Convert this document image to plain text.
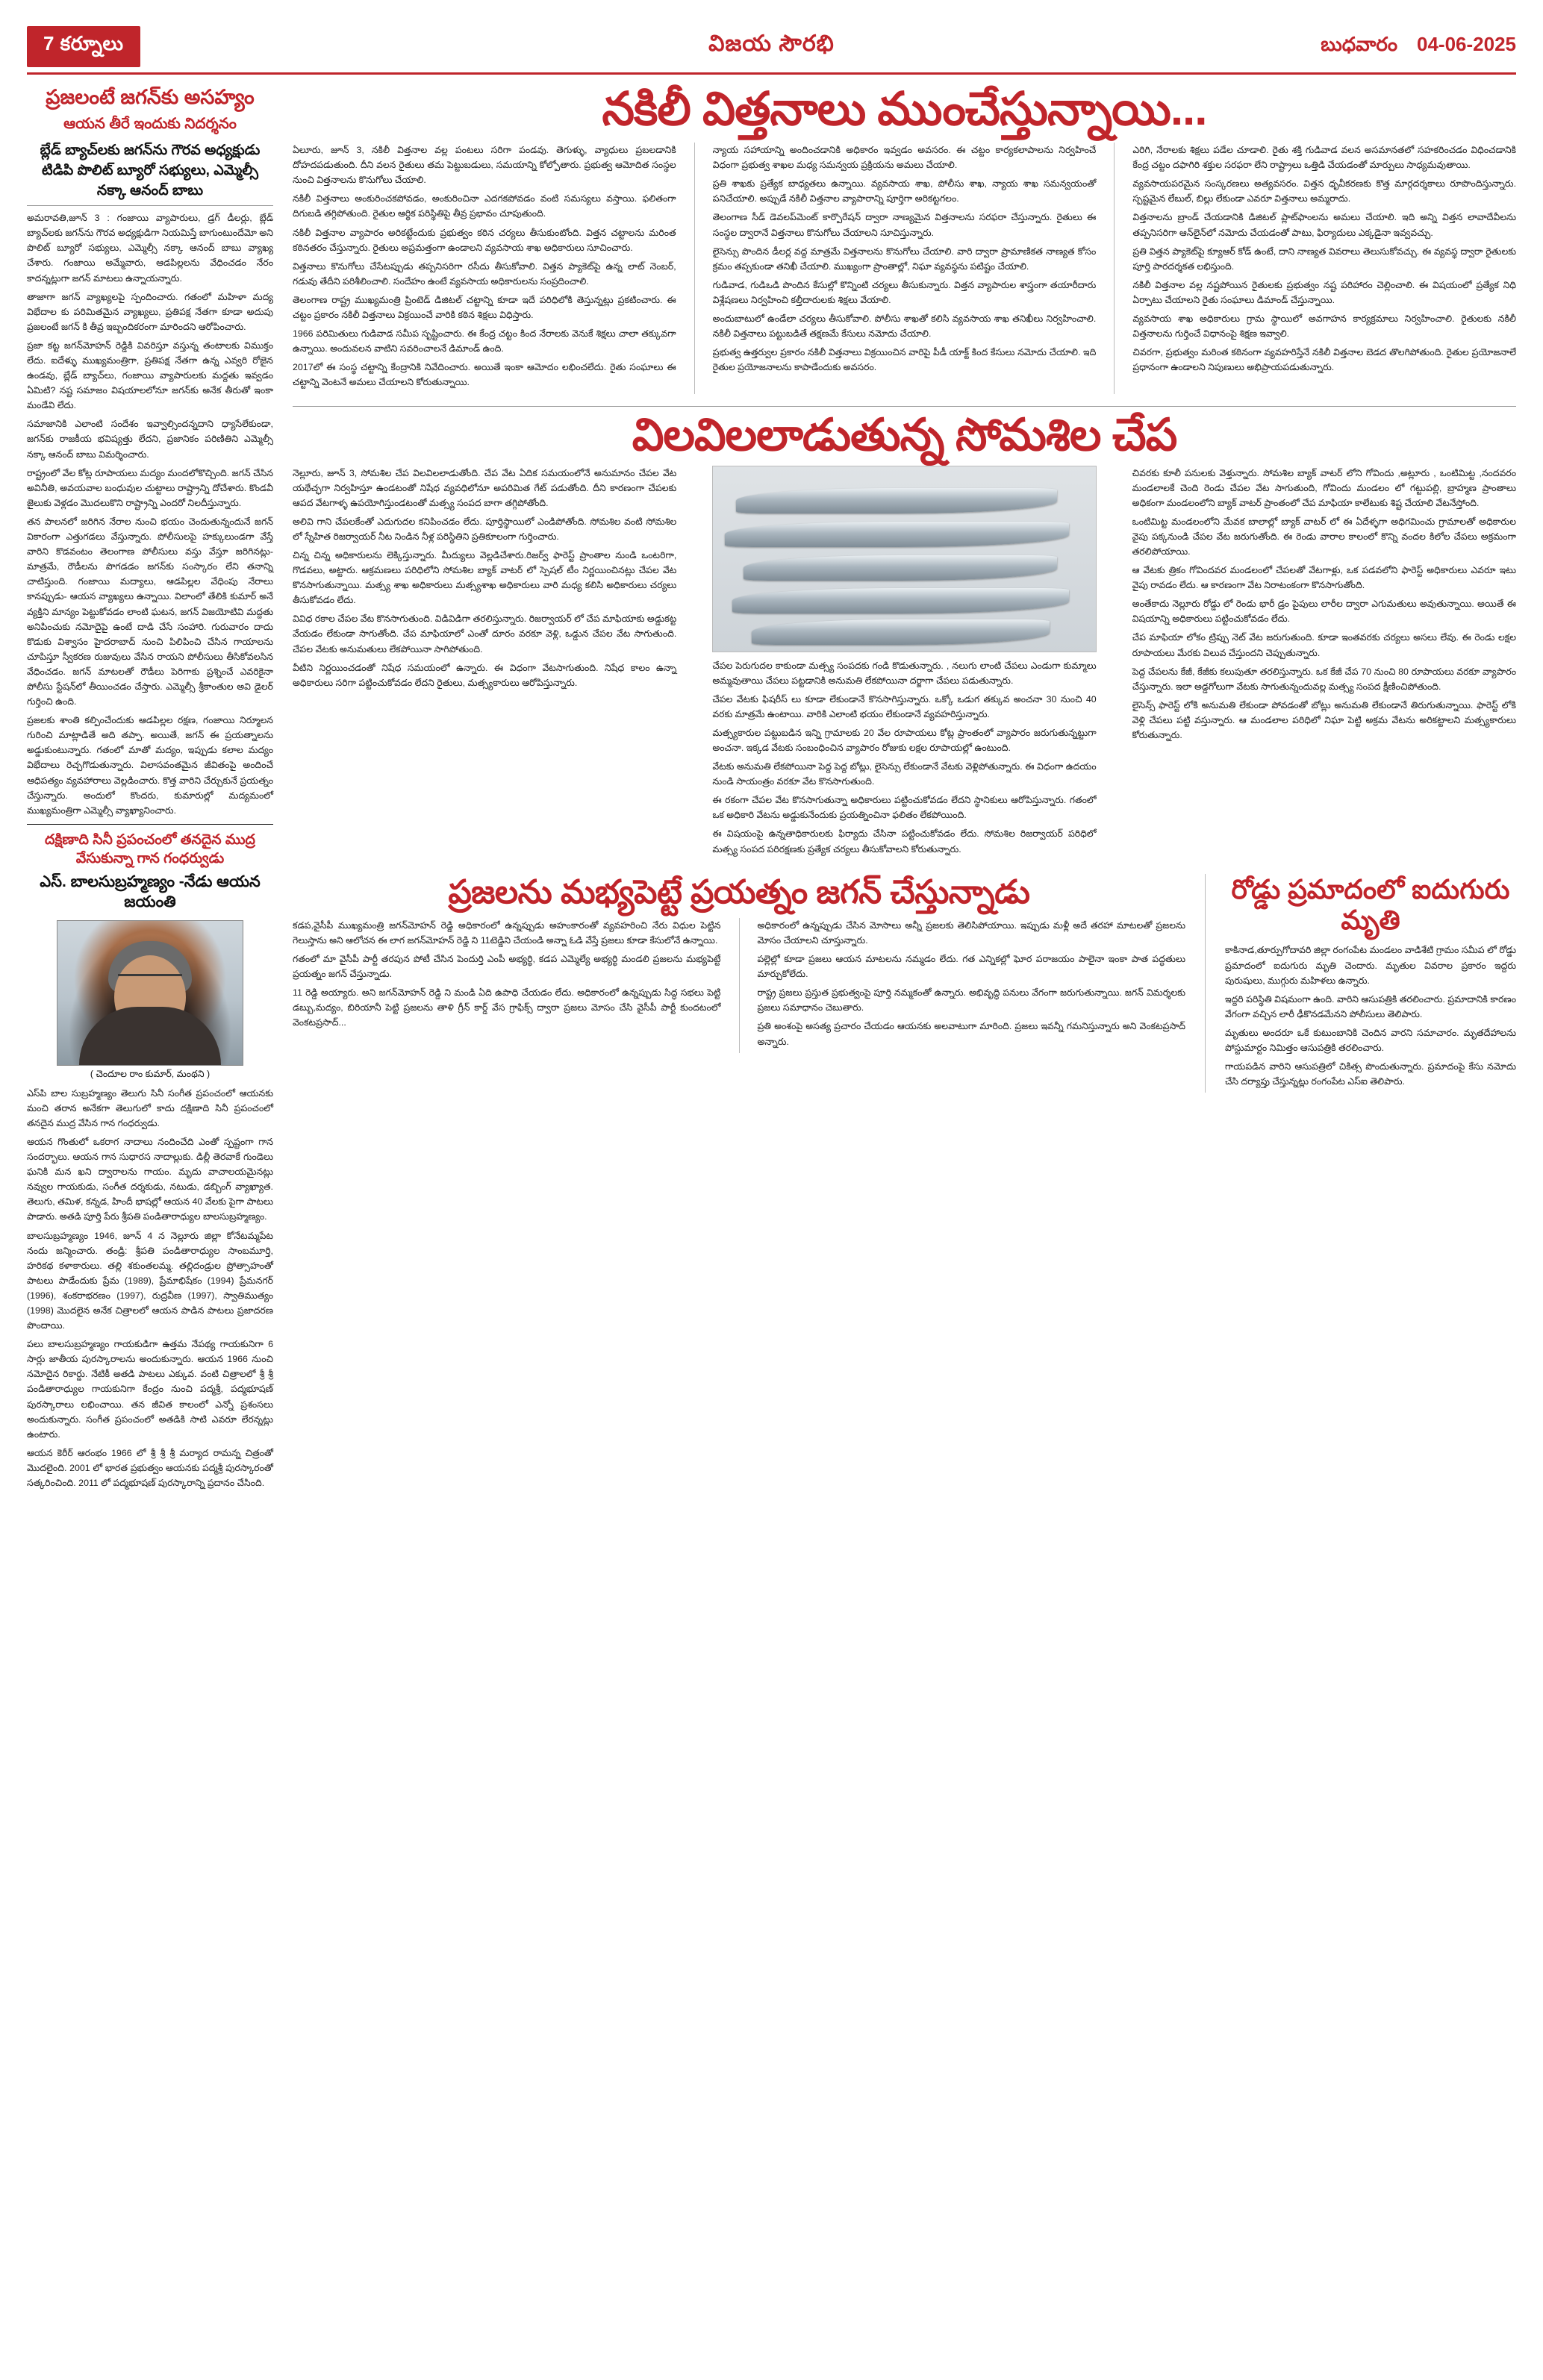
7 కర్నూలు	విజయ సౌరభి	బుధవారం 04-06-2025
ప్రజలంటే జగన్‌కు అసహ్యం
ఆయన తీరే ఇందుకు నిదర్శనం
బ్లేడ్ బ్యాచ్‌లకు జగన్‌ను గౌరవ అధ్యక్షుడు టిడిపి పొలిట్ బ్యూరో సభ్యులు, ఎమ్మెల్సీ నక్కా ఆనంద్ బాబు

అమరావతి,జూన్ 3 : గంజాయి వ్యాపారులు, డ్రగ్ డీలర్లు, బ్లేడ్ బ్యాచ్‌లకు జగన్‌ను గౌరవ అధ్యక్షుడిగా నియమిస్తే బాగుంటుందేమో అని పొలిట్ బ్యూరో సభ్యులు, ఎమ్మెల్సీ నక్కా ఆనంద్ బాబు వ్యాఖ్య చేశారు. గంజాయి అమ్మేవారు, ఆడపిల్లలను వేధించడం నేరం కాదన్నట్లుగా జగన్ మాటలు ఉన్నాయన్నారు.

తాజాగా జగన్ వ్యాఖ్యలపై స్పందించారు. గతంలో మహిళా మద్య విభేదాల కు పరిమితమైన వ్యాఖ్యలు, ప్రతిపక్ష నేతగా కూడా అదుపు ప్రజలంటే జగన్‌ కి తీవ్ర ఇబ్బందికరంగా మారిందని ఆరోపించారు.

ప్రజా కట్ట జగన్‌మోహన్ రెడ్డికి వివరిస్తూ వస్తున్న తంటాలకు విముక్తం లేదు. ఐదేళ్ళు ముఖ్యమంత్రిగా, ప్రతిపక్ష నేతగా ఉన్న ఎవ్వరి రోజైన ఉండవు, బ్లేడ్ బ్యాచ్‌లు, గంజాయి వ్యాపారులకు మద్దతు ఇవ్వడం ఏమిటి? నష్ట సమాజం విషయాలలోనూ జగన్‌కు అనేక తీరుతో ఇంకా మండేవి లేదు.

సమాజానికి ఎలాంటి సందేశం ఇవ్వాల్సిందన్నదాని ధ్యాసేలేకుండా, జగన్‌కు రాజకీయ భవిష్యత్తు లేదని, ప్రజానికం పరిణితిని ఎమ్మెల్సీ నక్కా ఆనంద్ బాబు విమర్శించారు.

రాష్ట్రంలో వేల కోట్ల రూపాయలు మద్యం మందలోకొచ్చింది. జగన్ చేసిన అవినీతి, అవయవాల బంధువుల చుట్టాలు రాష్ట్రాన్ని దోచేశారు. కొండవీ జైలుకు వెళ్లడం మొదలుకొని రాష్ట్రాన్ని ఎందరో నిలదీస్తున్నారు.

తన పాలనలో జరిగిన నేరాల నుంచి భయం చెందుతున్నందునే జగన్ వికారంగా ఎత్తుగడలు వేస్తున్నారు. పోలీసులపై హక్కులుండగా వేస్తే వారిని కొడవంటం తెలంగాణ పోలీసులు వస్తు వేస్తూ జరిగినట్లు- మాత్రమే, రౌడీలను పొగడడం జగన్‌కు సంస్కారం లేని తనాన్ని చాటిస్తుంది. గంజాయి మద్యాలు, ఆడపిల్లల వేధింపు నేరాలు కానప్పుడు- ఆయన వ్యాఖ్యలు ఉన్నాయి. విలాంలో తేలికి కుమార్ అనే వ్యక్తిని మాన్యం పెట్టుకోవడం లాంటి ఘటన, జగన్ విజయోటివి మద్దతు అనిపించుకు నమోదైపై ఉంటే దాడి చేసే సంహారి. గురువారం దాదు కొడుకు విశ్వాసం హైదరాబాద్ నుంచి పిలిపించి చేసిన గాయాలను చూపిస్తూ స్వీకరణ రుజువులు వేసిన రాయని పోలీసులు తీసికోవలసిన వేధించడం. జగన్ మాటలతో రౌడీలు పెరిగాకు ప్రశ్నించే ఎవరికైనా పోలీసు స్టేషన్‌లో తీయించడం చేస్తారు. ఎమ్మెల్సీ శ్రీకాంతుల అవి డైలర్ గుర్తించి ఉంది.

ప్రజలకు శాంతి కల్పించేందుకు ఆడపిల్లల రక్షణ, గంజాయి నిర్మూలన గురించి మాట్లాడితే అది తప్పా. అయితే, జగన్ ఈ ప్రయత్నాలను అడ్డుకుంటున్నారు. గతంలో మాతో మద్యం, ఇప్పుడు కలాల మద్యం విభేదాలు రెచ్చగొడుతున్నారు. విలాసవంతమైన జీవితంపై అందించే ఆధిపత్యం వ్యవహారాలు వెల్లడించారు. కొత్త వారిని చేర్చుకునే ప్రయత్నం చేస్తున్నారు. అందులో కొందరు, కుమారుల్లో మద్యమంలో ముఖ్యమంత్రిగా ఎమ్మెల్సీ వ్యాఖ్యానించారు.

దక్షిణాది సినీ ప్రపంచంలో తనదైన ముద్ర వేసుకున్నా గాన గంధర్వుడు
ఎస్‌. బాలసుబ్రహ్మణ్యం -నేడు ఆయన జయంతి
( చెందూల రాం కుమార్, మంథని )

ఎస్‌పి బాల సుబ్రహ్మణ్యం తెలుగు సినీ సంగీత ప్రపంచంలో ఆయనకు మంచి తరాన అనేకగా తెలుగులో కాదు దక్షిణాది సినీ ప్రపంచంలో తనదైన ముద్ర వేసిన గాన గంధర్వుడు.

ఆయన గొంతులో ఒకరాగ నాదాలు నందించేది ఎంతో స్పష్టంగా గాన సందర్భాలు. ఆయన గాన సుధారస నాదాల్లుకు. డిల్లీ తెరవాకే గుండెలు ఘనికి మన ఖని ద్వారాలను గాయం. మృదు వాచాలయమైనట్లు నవ్వుల గాయకుడు, సంగీత దర్శకుడు, నటుడు, డబ్బింగ్ వ్యాఖ్యాత. తెలుగు, తమిళ, కన్నడ, హిందీ భాషల్లో ఆయన 40 వేలకు పైగా పాటలు పాడారు. అతడి పూర్తి పేరు శ్రీపతి పండితారాధ్యుల బాలసుబ్రహ్మణ్యం.

బాలసుబ్రహ్మణ్యం 1946, జూన్ 4 న నెల్లూరు జిల్లా కోనేటమ్మపేట నందు జన్మించారు. తండ్రి: శ్రీపతి పండితారాధ్యుల సాంబమూర్తి, హరికథ కళాకారులు. తల్లి శకుంతలమ్మ. తల్లిదండ్రుల ప్రోత్సాహంతో పాటలు పాడేందుకు ప్రేమ (1989), ప్రేమాభిషేకం (1994) ప్రేమనగర్ (1996), శంకరాభరణం (1997), రుద్రవీణ (1997), స్వాతిముత్యం (1998) మొదలైన అనేక చిత్రాలలో ఆయన పాడిన పాటలు ప్రజాదరణ పొందాయి.

పలు బాలసుబ్రహ్మణ్యం గాయకుడిగా ఉత్తమ నేపథ్య గాయకునిగా 6 సార్లు జాతీయ పురస్కారాలను అందుకున్నారు. ఆయన 1966 నుంచి నమోదైన రికార్డు. నేటికీ అతడి పాటలు ఎక్కువ. వంటి చిత్రాలలో శ్రీ శ్రీ పండితారాధ్యుల గాయకునిగా కేంద్రం నుంచి పద్మశ్రీ, పద్మభూషణ్ పురస్కారాలు లభించాయి. తన జీవిత కాలంలో ఎన్నో ప్రశంసలు అందుకున్నారు. సంగీత ప్రపంచంలో అతడికి సాటి ఎవరూ లేరన్నట్లు ఉంటారు.

ఆయన కెరీర్ ఆరంభం 1966 లో శ్రీ శ్రీ శ్రీ మర్యాద రామన్న చిత్రంతో మొదలైంది. 2001 లో భారత ప్రభుత్వం ఆయనకు పద్మశ్రీ పురస్కారంతో సత్కరించింది. 2011 లో పద్మభూషణ్ పురస్కారాన్ని ప్రదానం చేసింది.

నకిలీ విత్తనాలు ముంచేస్తున్నాయి...

ఏలూరు, జూన్ 3, నకిలీ విత్తనాల వల్ల పంటలు సరిగా పండవు. తెగుళ్ళు, వ్యాధులు ప్రబలడానికి దోహదపడుతుంది. దీని వలన రైతులు తమ పెట్టుబడులు, సమయాన్ని కోల్పోతారు. ప్రభుత్వ ఆమోదిత సంస్థల నుంచి విత్తనాలను కొనుగోలు చేయాలి.

నకిలీ విత్తనాలు అంకురించకపోవడం, అంకురించినా ఎదగకపోవడం వంటి సమస్యలు వస్తాయి. ఫలితంగా దిగుబడి తగ్గిపోతుంది. రైతుల ఆర్థిక పరిస్థితిపై తీవ్ర ప్రభావం చూపుతుంది.

నకిలీ విత్తనాల వ్యాపారం అరికట్టేందుకు ప్రభుత్వం కఠిన చర్యలు తీసుకుంటోంది. విత్తన చట్టాలను మరింత కఠినతరం చేస్తున్నారు. రైతులు అప్రమత్తంగా ఉండాలని వ్యవసాయ శాఖ అధికారులు సూచించారు.

విత్తనాలు కొనుగోలు చేసేటప్పుడు తప్పనిసరిగా రసీదు తీసుకోవాలి. విత్తన ప్యాకెట్‌పై ఉన్న లాట్ నెంబర్, గడువు తేదీని పరిశీలించాలి. సందేహం ఉంటే వ్యవసాయ అధికారులను సంప్రదించాలి.

తెలంగాణ రాష్ట్ర ముఖ్యమంత్రి ప్రింటెడ్ డిజిటల్ చట్టాన్ని కూడా ఇదే పరిధిలోకి తెస్తున్నట్లు ప్రకటించారు. ఈ చట్టం ప్రకారం నకిలీ విత్తనాలు విక్రయించే వారికి కఠిన శిక్షలు విధిస్తారు.

1966 పరిమితులు గుడివాడ సమీప సృష్టించారు. ఈ కేంద్ర చట్టం కింద నేరాలకు వెనుకే శిక్షలు చాలా తక్కువగా ఉన్నాయి. అందువలన వాటిని సవరించాలనే డిమాండ్ ఉంది.

2017లో ఈ సంస్థ చట్టాన్ని కేంద్రానికి నివేదించారు. అయితే ఇంకా ఆమోదం లభించలేదు. రైతు సంఘాలు ఈ చట్టాన్ని వెంటనే అమలు చేయాలని కోరుతున్నాయి.

న్యాయ సహాయాన్ని అందించడానికి అధికారం ఇవ్వడం అవసరం. ఈ చట్టం కార్యకలాపాలను నిర్వహించే విధంగా ప్రభుత్వ శాఖల మధ్య సమన్వయ ప్రక్రియను అమలు చేయాలి.

ప్రతి శాఖకు ప్రత్యేక బాధ్యతలు ఉన్నాయి. వ్యవసాయ శాఖ, పోలీసు శాఖ, న్యాయ శాఖ సమన్వయంతో పనిచేయాలి. అప్పుడే నకిలీ విత్తనాల వ్యాపారాన్ని పూర్తిగా అరికట్టగలం.

తెలంగాణ సీడ్ డెవలప్‌మెంట్ కార్పొరేషన్ ద్వారా నాణ్యమైన విత్తనాలను సరఫరా చేస్తున్నారు. రైతులు ఈ సంస్థల ద్వారానే విత్తనాలు కొనుగోలు చేయాలని సూచిస్తున్నారు.

లైసెన్సు పొందిన డీలర్ల వద్ద మాత్రమే విత్తనాలను కొనుగోలు చేయాలి. వారి ద్వారా ప్రామాణికత నాణ్యత కోసం క్రమం తప్పకుండా తనిఖీ చేయాలి. ముఖ్యంగా ప్రాంతాల్లో, నిఘా వ్యవస్థను పటిష్టం చేయాలి.

గుడివాడ, గుడిఒడి పొందిన కేసుల్లో కొన్నింటి చర్యలు తీసుకున్నారు. విత్తన వ్యాపారుల శాస్త్రంగా తయారీదారు విశ్లేషణలు నిర్వహించి కల్తీదారులకు శిక్షలు వేయాలి.

అందుబాటులో ఉండేలా చర్యలు తీసుకోవాలి. పోలీసు శాఖతో కలిసి వ్యవసాయ శాఖ తనిఖీలు నిర్వహించాలి. నకిలీ విత్తనాలు పట్టుబడితే తక్షణమే కేసులు నమోదు చేయాలి.

ప్రభుత్వ ఉత్తర్వుల ప్రకారం నకిలీ విత్తనాలు విక్రయించిన వారిపై పీడీ యాక్ట్ కింద కేసులు నమోదు చేయాలి. ఇది రైతుల ప్రయోజనాలను కాపాడేందుకు అవసరం.

ఎరిగి, నేరాలకు శిక్షలు పడేల చూడాలి. రైతు శక్తి గుడివాడ వలన అసమానతలో సహకరించడం విధించడానికి కేంద్ర చట్టం దఫాగిరి శక్తుల సరఫరా లేని రాష్ట్రాలు ఒత్తిడి చేయడంతో మార్పులు సాధ్యమవుతాయి.

వ్యవసాయపరమైన సంస్కరణలు అత్యవసరం. విత్తన ధృవీకరణకు కొత్త మార్గదర్శకాలు రూపొందిస్తున్నారు. స్పష్టమైన లేబుల్, బిల్లు లేకుండా ఎవరూ విత్తనాలు అమ్మరాదు.

విత్తనాలను బ్రాండ్ చేయడానికి డిజిటల్ ప్లాట్‌ఫాంలను అమలు చేయాలి. ఇది అన్ని విత్తన లావాదేవీలను తప్పనిసరిగా ఆన్‌లైన్‌లో నమోదు చేయడంతో పాటు, ఫిర్యాదులు ఎక్కడైనా ఇవ్వవచ్చు.

ప్రతి విత్తన ప్యాకెట్‌పై క్యూఆర్ కోడ్ ఉంటే, దాని నాణ్యత వివరాలు తెలుసుకోవచ్చు. ఈ వ్యవస్థ ద్వారా రైతులకు పూర్తి పారదర్శకత లభిస్తుంది.

నకిలీ విత్తనాల వల్ల నష్టపోయిన రైతులకు ప్రభుత్వం నష్ట పరిహారం చెల్లించాలి. ఈ విషయంలో ప్రత్యేక నిధి ఏర్పాటు చేయాలని రైతు సంఘాలు డిమాండ్ చేస్తున్నాయి.

వ్యవసాయ శాఖ అధికారులు గ్రామ స్థాయిలో అవగాహన కార్యక్రమాలు నిర్వహించాలి. రైతులకు నకిలీ విత్తనాలను గుర్తించే విధానంపై శిక్షణ ఇవ్వాలి.

చివరగా, ప్రభుత్వం మరింత కఠినంగా వ్యవహరిస్తేనే నకిలీ విత్తనాల బెడద తొలగిపోతుంది. రైతుల ప్రయోజనాలే ప్రధానంగా ఉండాలని నిపుణులు అభిప్రాయపడుతున్నారు.

విలవిలలాడుతున్న సోమశిల చేప

నెల్లూరు, జూన్ 3, సోమశిల చేప విలవిలలాడుతోంది. చేప వేట ఏదిక సమయంలోనే అనుమానం చేపల వేట యథేచ్ఛగా నిర్వహిస్తూ ఉండటంతో నిషేధ వ్యవధిలోనూ అపరిమిత గేట్ పడుతోంది. దీని కారణంగా చేపలకు ఆపద వేటగాళ్ళ ఉపయోగిస్తుండటంతో మత్స్య సంపద బాగా తగ్గిపోతోంది.

అలివి గాని చేపలకేంతో ఎదుగుదల కనిపించడం లేదు. పూర్తిస్థాయిలో ఎండిపోతోంది. సోమశిల వంటి సోమశిల లో స్నేహిత రిజర్వాయర్ నీట నిండిన నీళ్ల పరిస్థితిని ప్రతికూలంగా గుర్తించారు.

చిన్న చిన్న అధికారులను లెక్కిస్తున్నారు. మీద్యులు వెల్లడిచేశారు.రిజర్వ్ ఫారెస్ట్ ప్రాంతాల నుండి ఒంటరిగా, గొడవలు, అట్టారు. ఆక్రమణలు పరిధిలోని సోమశిల బ్యాక్ వాటర్ లో స్పెషల్ టీం నిర్ణయించినట్లు చేపల వేట కొనసాగుతున్నాయి. మత్స్య శాఖ అధికారులు మత్స్యశాఖ అధికారులు వారి మధ్య కలిసి అధికారులు చర్యలు తీసుకోవడం లేదు.

వివిధ రకాల చేపల వేట కొనసాగుతుంది. విడివిడిగా తరలిస్తున్నారు. రిజర్వాయర్ లో చేప మాఫియాకు అడ్డుకట్ట వేయడం లేకుండా సాగుతోంది. చేప మాఫియాలో ఎంతో దూరం వరకూ వెళ్లి, ఒడ్డున చేపల వేట సాగుతుంది. చేపల వేటకు అనుమతులు లేకపోయినా సాగిపోతుంది.

వీటిని నిర్ణయించడంతో నిషేధ సమయంలో ఉన్నారు. ఈ విధంగా వేటసాగుతుంది. నిషేధ కాలం ఉన్నా అధికారులు సరిగా పట్టించుకోవడం లేదని రైతులు, మత్స్యకారులు ఆరోపిస్తున్నారు.

చేపల పెరుగుదల కాకుండా మత్స్య సంపదకు గండి కొడుతున్నారు. , నలుగు లాంటి చేపలు ఎండుగా కుమ్మాలు అమ్మవుతాయి చేపలు పట్టడానికి అనుమతి లేకపోయినా దర్జాగా చేపలు పడుతున్నారు.

చేపల వేటకు ఫిషరీస్ లు కూడా లేకుండానే కొనసాగిస్తున్నారు. ఒక్కో ఒడుగ తక్కువ అంచనా 30 నుంచి 40 వరకు మాత్రమే ఉంటాయి. వారికి ఎలాంటి భయం లేకుండానే వ్యవహరిస్తున్నారు.

మత్స్యకారుల పట్టుబడిన ఇన్ని గ్రామాలకు 20 వేల రూపాయలు కోట్ల ప్రాంతంలో వ్యాపారం జరుగుతున్నట్టుగా అంచనా. ఇక్కడ వేటకు సంబంధించిన వ్యాపారం రోజుకు లక్షల రూపాయల్లో ఉంటుంది.

వేటకు అనుమతి లేకపోయినా పెద్ద పెద్ద బోట్లు, లైసెన్సు లేకుండానే వేటకు వెళ్లిపోతున్నారు. ఈ విధంగా ఉదయం నుండి సాయంత్రం వరకూ వేట కొనసాగుతుంది.

ఈ రకంగా చేపల వేట కొనసాగుతున్నా అధికారులు పట్టించుకోవడం లేదని స్థానికులు ఆరోపిస్తున్నారు. గతంలో ఒక అధికారి వేటను అడ్డుకునేందుకు ప్రయత్నించినా ఫలితం లేకపోయింది.

ఈ విషయంపై ఉన్నతాధికారులకు ఫిర్యాదు చేసినా పట్టించుకోవడం లేదు. సోమశిల రిజర్వాయర్ పరిధిలో మత్స్య సంపద పరిరక్షణకు ప్రత్యేక చర్యలు తీసుకోవాలని కోరుతున్నారు.

చివరకు కూలీ పనులకు వెళ్తున్నారు. సోమశిల బ్యాక్ వాటర్ లోని గోవిందు ,అట్లూరు , ఒంటిమిట్ట ,నందవరం మండలాలకే చెంది రెండు చేపల వేట సాగుతుంది, గోవిందు మండలం లో గట్టుపల్లి, బ్రాహ్మణ ప్రాంతాలు అధికంగా మండలంలోని బ్యాక్ వాటర్ ప్రాంతంలో చేప మాఫియా కాలేటుకు శిష్ట చేయాలి వేటనేస్తోంది.

ఒంటిమిట్ట మండలంలోని మేవక బాలాల్లో బ్యాక్ వాటర్ లో ఈ ఏదేళ్ళగా అధిగమించు గ్రామాలతో అధికారుల వైపు పక్కనుండి చేపల వేట జరుగుతోంది. ఈ రెండు వారాల కాలంలో కొన్ని వందల కిలోల చేపలు అక్రమంగా తరలిపోయాయి.

ఆ వేటకు త్రికం గోవిందవర మండలంలో చేపలతో వేటగాళ్లు, ఒక పడవలోని ఫారెస్ట్ అధికారులు ఎవరూ ఇటు వైపు రావడం లేదు. ఆ కారణంగా వేట నిరాటంకంగా కొనసాగుతోంది.

అంతేకాదు నెల్లూరు రోడ్డు లో రెండు భారీ డ్రం పైపులు లారీల ద్వారా ఎగుమతులు అవుతున్నాయి. అయితే ఈ విషయాన్ని అధికారులు పట్టించుకోవడం లేదు.

చేప మాఫియా లోకం ట్రిప్పు నెట్ వేట జరుగుతుంది. కూడా ఇంతవరకు చర్యలు అసలు లేవు. ఈ రెండు లక్షల రూపాయలు మేరకు విలువ చేస్తుందని చెప్పుతున్నారు.

పెద్ద చేపలను కేజీ, కేజీకు కలుపుతూ తరలిస్తున్నారు. ఒక కేజీ చేప 70 నుంచి 80 రూపాయలు వరకూ వ్యాపారం చేస్తున్నారు. ఇలా అడ్డగోలుగా వేటకు సాగుతున్నందువల్ల మత్స్య సంపద క్షీణించిపోతుంది.

లైసెన్స్ ఫారెస్ట్ లోకి అనుమతి లేకుండా పోవడంతో బోట్లు అనుమతి లేకుండానే తిరుగుతున్నాయి. ఫారెస్ట్ లోకి వెళ్లి చేపలు పట్టి వస్తున్నారు. ఆ మండలాల పరిధిలో నిఘా పెట్టి అక్రమ వేటను అరికట్టాలని మత్స్యకారులు కోరుతున్నారు.

ప్రజలను మభ్యపెట్టే ప్రయత్నం జగన్ చేస్తున్నాడు

కడప,వైసీపీ ముఖ్యమంత్రి జగన్‌మోహన్ రెడ్డి అధికారంలో ఉన్నప్పుడు అహంకారంతో వ్యవహరించి నేరు విధుల పెట్టిన గెలుస్తాను అని ఆలోచన ఈ లాగ జగన్‌మోహన్ రెడ్డి ని 11టెడ్డిని చేయండి అన్నా ఓడి వేస్తే ప్రజలు కూడా కేసులోనే ఉన్నాయి.

గతంలో మా వైసీపీ పార్టీ తరపున పోటీ చేసిన పెందుర్తి ఎంపీ అభ్యర్థి, కడప ఎమ్మెల్యే అభ్యర్థి మండలి ప్రజలను మభ్యపెట్టే ప్రయత్నం జగన్ చేస్తున్నాడు.

11 రెడ్డి అయ్యారు. అని జగన్‌మోహన్ రెడ్డి ని మండి ఏది ఉపాధి చేయడం లేదు. అధికారంలో ఉన్నప్పుడు సిద్ధ సభలు పెట్టి డబ్బు,మద్యం, బిరియానీ పెట్టి ప్రజలను తాళి గ్రీన్ కార్డ్ వేస గ్రాఫిక్స్ ద్వారా ప్రజలు మోసం చేసి వైసీపీ పార్టీ కుందటంలో వెంకటప్రసాద్...

అధికారంలో ఉన్నప్పుడు చేసిన మోసాలు అన్నీ ప్రజలకు తెలిసిపోయాయి. ఇప్పుడు మళ్లీ అదే తరహా మాటలతో ప్రజలను మోసం చేయాలని చూస్తున్నారు.

పల్లెల్లో కూడా ప్రజలు ఆయన మాటలను నమ్మడం లేదు. గత ఎన్నికల్లో ఘోర పరాజయం పాలైనా ఇంకా పాత పద్ధతులు మార్చుకోలేదు.

రాష్ట్ర ప్రజలు ప్రస్తుత ప్రభుత్వంపై పూర్తి నమ్మకంతో ఉన్నారు. అభివృద్ధి పనులు వేగంగా జరుగుతున్నాయి. జగన్ విమర్శలకు ప్రజలు సమాధానం చెబుతారు.

ప్రతి అంశంపై అసత్య ప్రచారం చేయడం ఆయనకు అలవాటుగా మారింది. ప్రజలు ఇవన్నీ గమనిస్తున్నారు అని వెంకటప్రసాద్ అన్నారు.

రోడ్డు ప్రమాదంలో ఐదుగురు మృతి

కాకినాడ,తూర్పుగోదావరి జిల్లా రంగంపేట మండలం వాడిశేటి గ్రామం సమీప లో రోడ్డు ప్రమాదంలో ఐదుగురు మృతి చెందారు. మృతుల వివరాల ప్రకారం ఇద్దరు పురుషులు, ముగ్గురు మహిళలు ఉన్నారు.

ఇద్దరి పరిస్థితి విషమంగా ఉంది. వారిని ఆసుపత్రికి తరలించారు. ప్రమాదానికి కారణం వేగంగా వచ్చిన లారీ ఢీకొనడమేనని పోలీసులు తెలిపారు.

మృతులు అందరూ ఒకే కుటుంబానికి చెందిన వారని సమాచారం. మృతదేహాలను పోస్టుమార్టం నిమిత్తం ఆసుపత్రికి తరలించారు.

గాయపడిన వారిని ఆసుపత్రిలో చికిత్స పొందుతున్నారు. ప్రమాదంపై కేసు నమోదు చేసి దర్యాప్తు చేస్తున్నట్లు రంగంపేట ఎస్‌ఐ తెలిపారు.
